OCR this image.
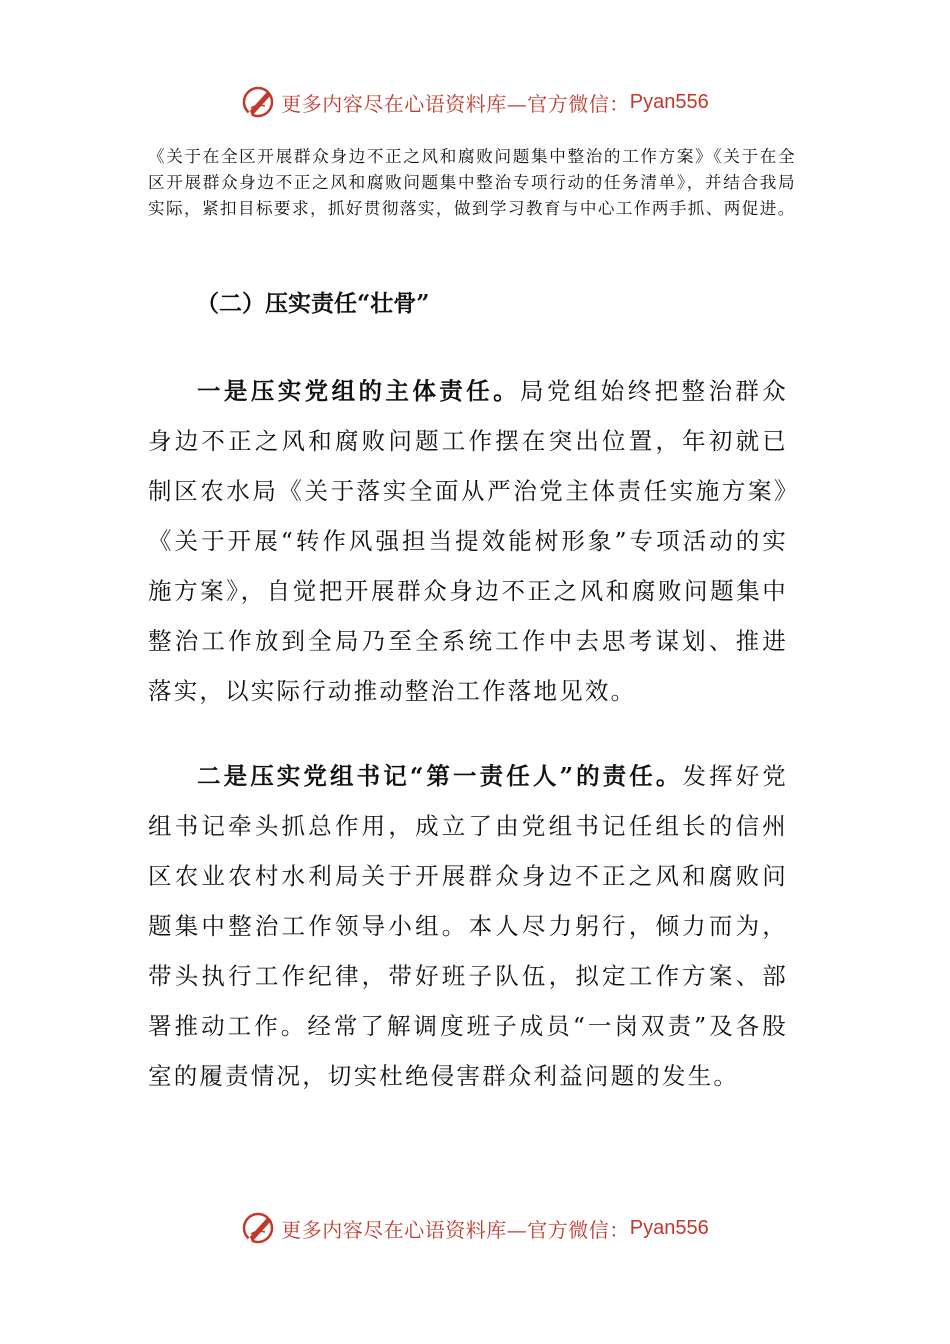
更多内容尽在心语资料库—官方微信： Pyan556

《关于在全区开展群众身边不正之风和腐败问题集中整治的工作方案》《关于在全区开展群众身边不正之风和腐败问题集中整治专项行动的任务清单》，并结合我局实际，紧扣目标要求，抓好贯彻落实，做到学习教育与中心工作两手抓、两促进。

（二）压实责任“壮骨”

一是压实党组的主体责任。局党组始终把整治群众身边不正之风和腐败问题工作摆在突出位置，年初就已制区农水局《关于落实全面从严治党主体责任实施方案》《关于开展“转作风强担当提效能树形象”专项活动的实施方案》，自觉把开展群众身边不正之风和腐败问题集中整治工作放到全局乃至全系统工作中去思考谋划、推进落实，以实际行动推动整治工作落地见效。

二是压实党组书记“第一责任人”的责任。发挥好党组书记牵头抓总作用，成立了由党组书记任组长的信州区农业农村水利局关于开展群众身边不正之风和腐败问题集中整治工作领导小组。本人尽力躬行，倾力而为，带头执行工作纪律，带好班子队伍，拟定工作方案、部署推动工作。经常了解调度班子成员“一岗双责”及各股室的履责情况，切实杜绝侵害群众利益问题的发生。

更多内容尽在心语资料库—官方微信： Pyan556
